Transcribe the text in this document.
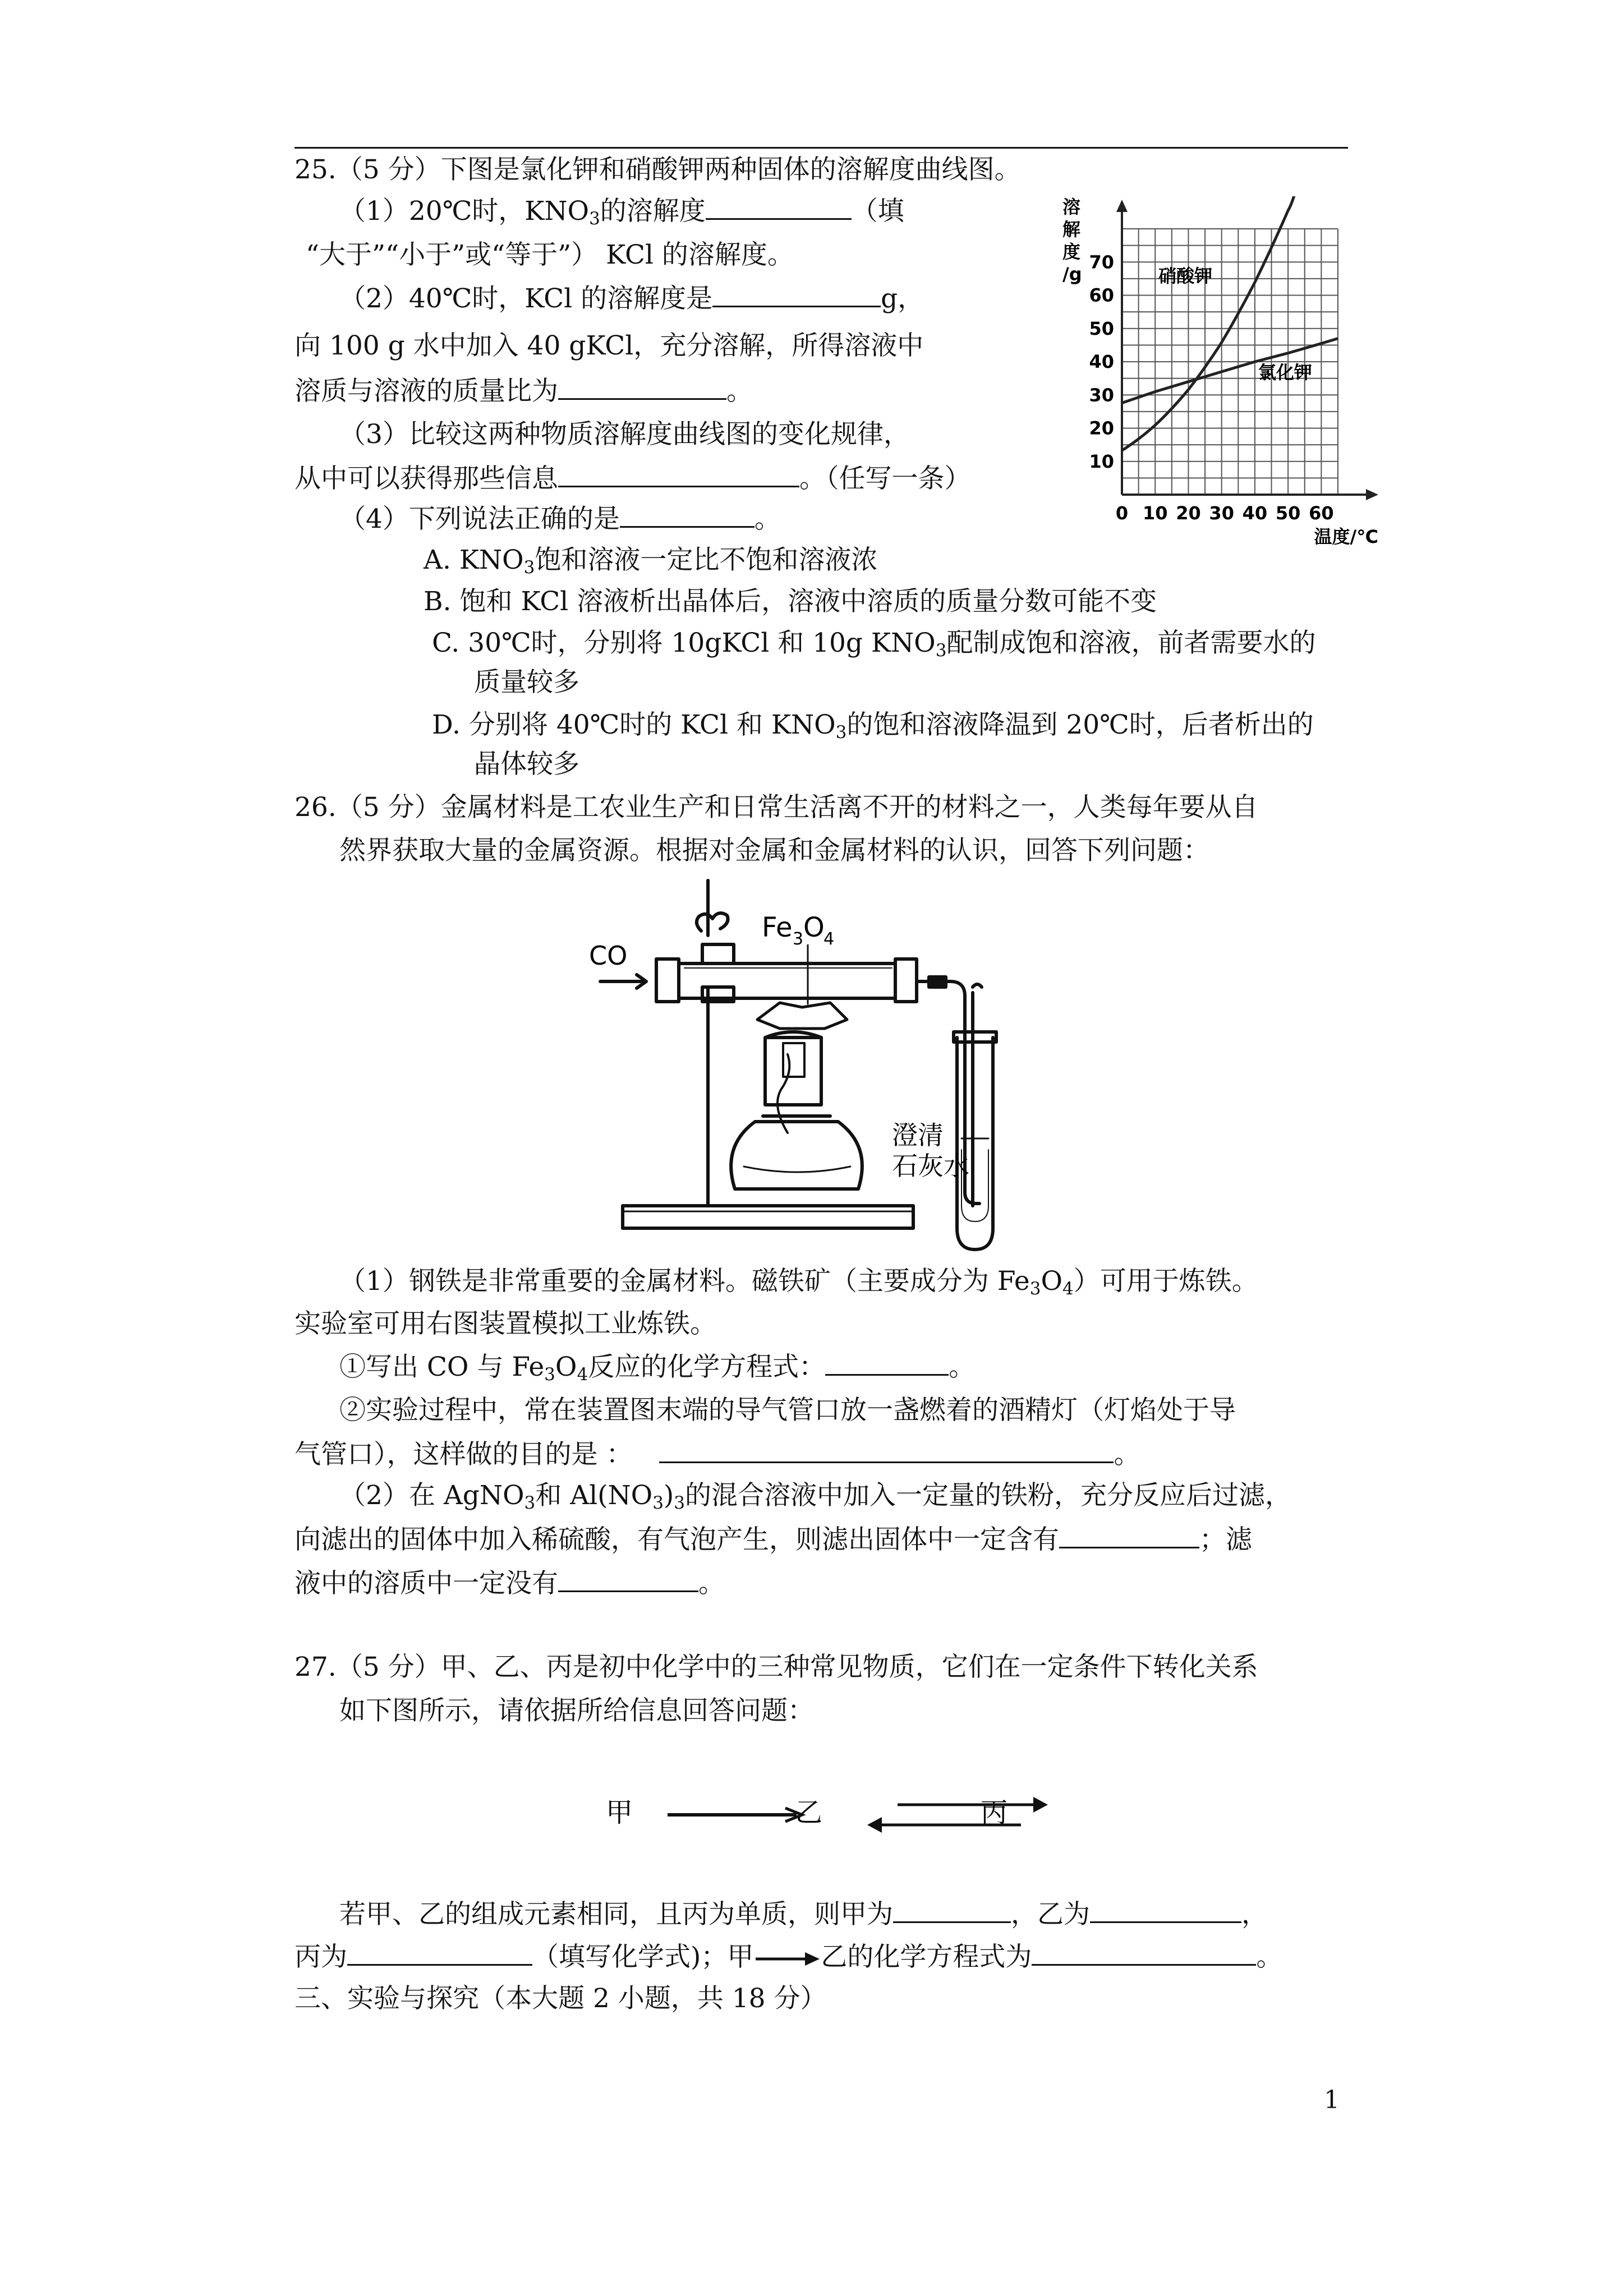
25.（5 分）下图是氯化钾和硝酸钾两种固体的溶解度曲线图。
（1）20℃时，$KNO_3$的溶解度	（填
“大于”“小于”或“等于”） KCl 的溶解度。
（2）40℃时，KCl 的溶解度是	g，
向 100 g 水中加入 40 gKCl，充分溶解，所得溶液中
溶质与溶液的质量比为	。
（3）比较这两种物质溶解度曲线图的变化规律，
从中可以获得那些信息	。（任写一条）
（4）下列说法正确的是	。
A. $KNO_3$饱和溶液一定比不饱和溶液浓
B. 饱和 KCl 溶液析出晶体后，溶液中溶质的质量分数可能不变
C. 30℃时，分别将 10gKCl 和 10g $KNO_3$配制成饱和溶液，前者需要水的
质量较多
D. 分别将 40℃时的 KCl 和 $KNO_3$的饱和溶液降温到 20℃时，后者析出的
晶体较多
0 10 20 30 40 50 60
10
20
30
40
50
60
70
溶
解
度
/g
温度/℃
硝酸钾
氯化钾
26.（5 分）金属材料是工农业生产和日常生活离不开的材料之一，人类每年要从自
然界获取大量的金属资源。根据对金属和金属材料的认识，回答下列问题：
CO
Fe 3 O
4
澄清
石灰水
（1）钢铁是非常重要的金属材料。磁铁矿（主要成分为 $Fe_3O_4$）可用于炼铁。
实验室可用右图装置模拟工业炼铁。
①写出 CO 与 $Fe_3O_4$反应的化学方程式：	。
②实验过程中，常在装置图末端的导气管口放一盏燃着的酒精灯（灯焰处于导
气管口），这样做的目的是 ：	。
（2）在 AgNO$_3$和 $Al(NO_3)_3$的混合溶液中加入一定量的铁粉，充分反应后过滤，
向滤出的固体中加入稀硫酸，有气泡产生，则滤出固体中一定含有	；滤
液中的溶质中一定没有	。
27.（5 分）甲、乙、丙是初中化学中的三种常见物质，它们在一定条件下转化关系
如下图所示，请依据所给信息回答问题：
甲	乙	丙
若甲、乙的组成元素相同，且丙为单质，则甲为	，乙为	，
丙为	（填写化学式)；甲	乙的化学方程式为	。
三、实验与探究（本大题 2 小题，共 18 分）
1
